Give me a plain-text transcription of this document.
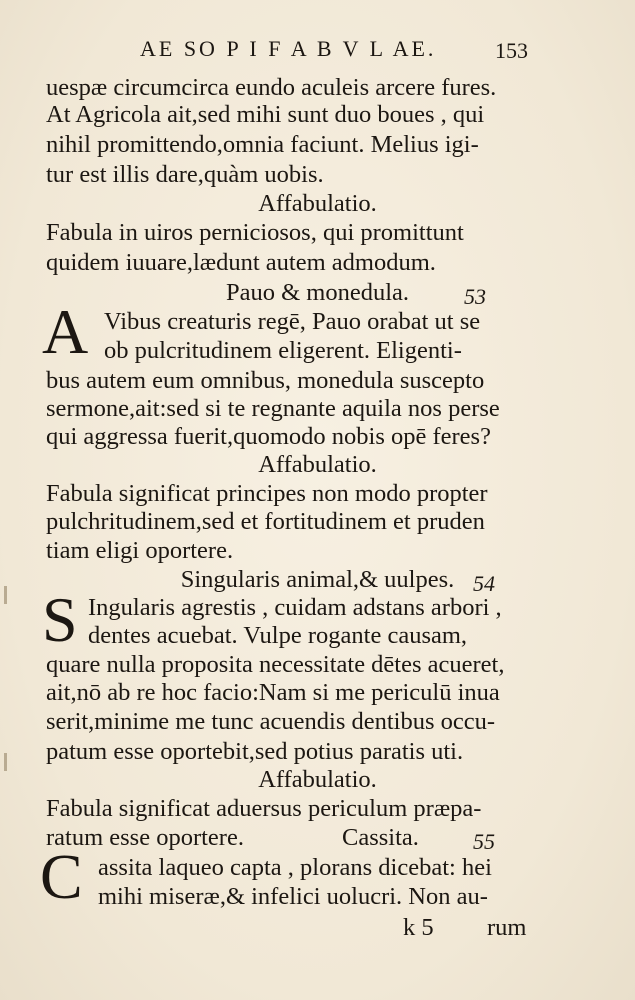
AE SO P I F A B V L AE.	153
uespæ circumcirca eundo aculeis arcere fures.
At Agricola ait,sed mihi sunt duo boues , qui
nihil promittendo,omnia faciunt. Melius igi-
tur est illis dare,quàm uobis.
Affabulatio.
Fabula in uiros perniciosos, qui promittunt
quidem iuuare,lædunt autem admodum.
Pauo & monedula.	53
A Vibus creaturis regē, Pauo orabat ut se
ob pulcritudinem eligerent. Eligenti-
bus autem eum omnibus, monedula suscepto
sermone,ait:sed si te regnante aquila nos perse
qui aggressa fuerit,quomodo nobis opē feres?
Affabulatio.
Fabula significat principes non modo propter
pulchritudinem,sed et fortitudinem et pruden
tiam eligi oportere.
Singularis animal,& uulpes. 54
S Ingularis agrestis , cuidam adstans arbori ,
dentes acuebat. Vulpe rogante causam,
quare nulla proposita necessitate dētes acueret,
ait,nō ab re hoc facio:Nam si me periculū inua
serit,minime me tunc acuendis dentibus occu-
patum esse oportebit,sed potius paratis uti.
Affabulatio.
Fabula significat aduersus periculum præpa-
ratum esse oportere.	Cassita. 55
C assita laqueo capta , plorans dicebat: hei
mihi miseræ,& infelici uolucri. Non au-
k 5 rum
